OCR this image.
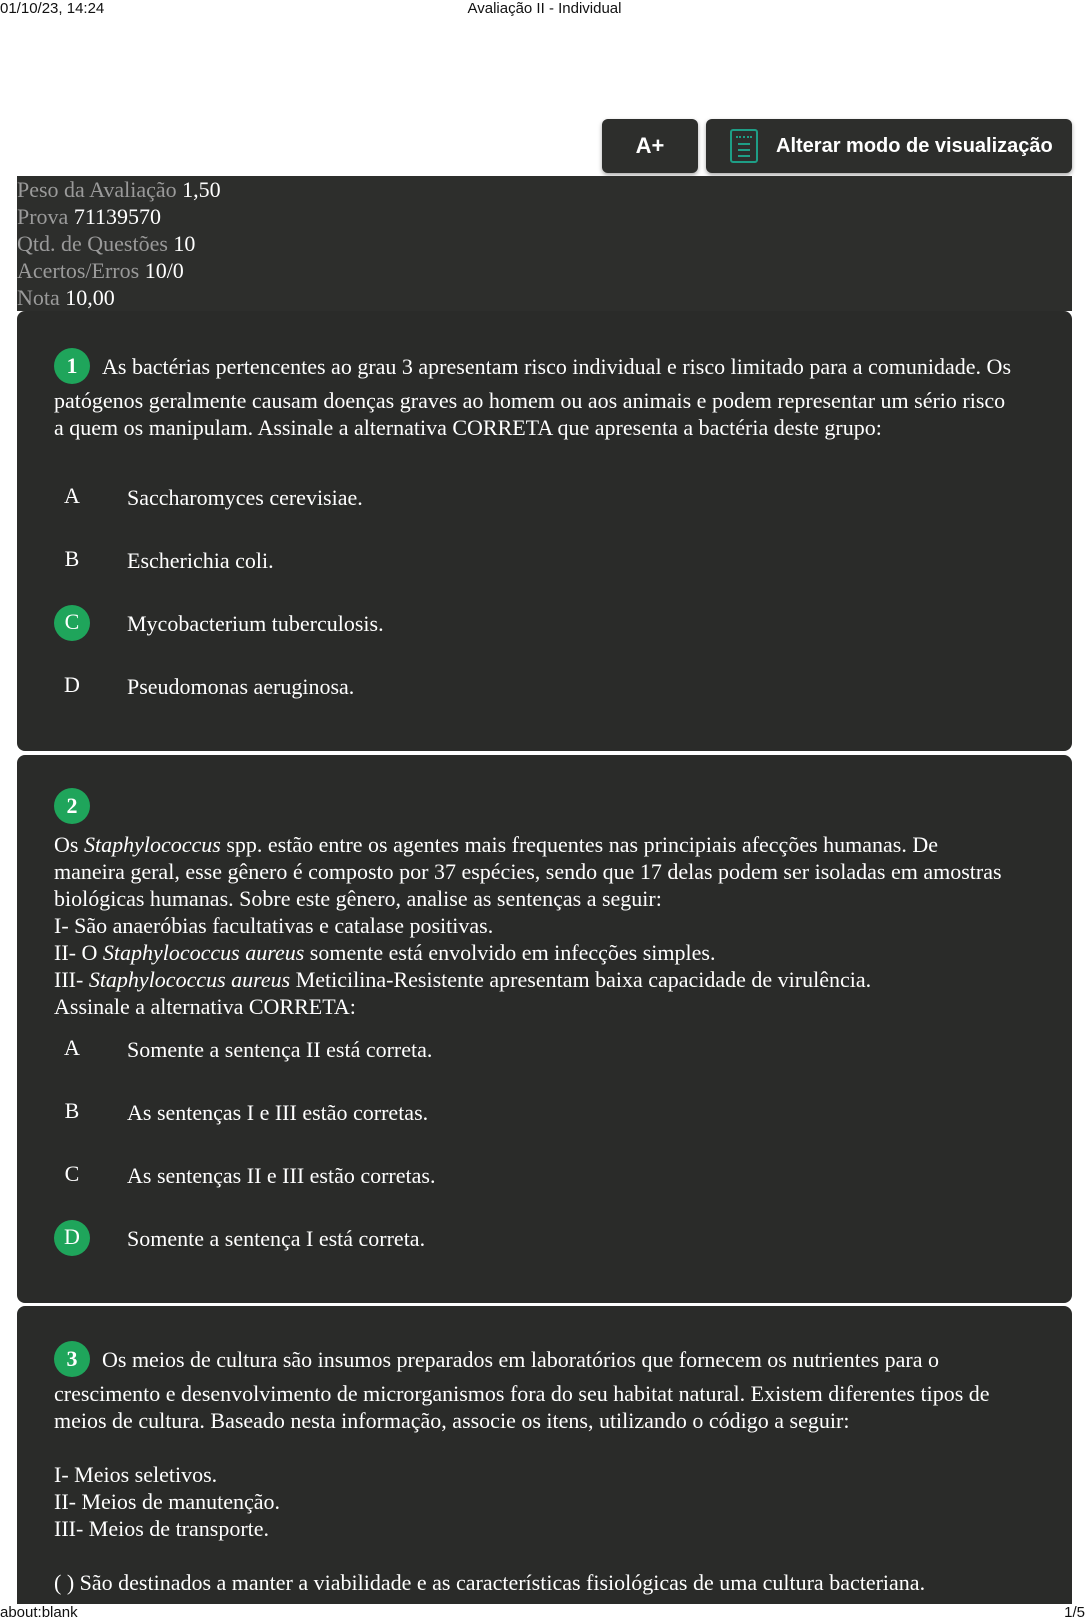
01/10/23, 14:24	Avaliação II - Individual
about:blank	1/5
A+	Alterar modo de visualização
Peso da Avaliação 1,50
Prova 71139570
Qtd. de Questões 10
Acertos/Erros 10/0
Nota 10,00
1 As bactérias pertencentes ao grau 3 apresentam risco individual e risco limitado para a comunidade. Os patógenos geralmente causam doenças graves ao homem ou aos animais e podem representar um sério risco a quem os manipulam. Assinale a alternativa CORRETA que apresenta a bactéria deste grupo:
A	Saccharomyces cerevisiae.
B	Escherichia coli.
C	Mycobacterium tuberculosis.
D	Pseudomonas aeruginosa.
2
Os Staphylococcus spp. estão entre os agentes mais frequentes nas principiais afecções humanas. De maneira geral, esse gênero é composto por 37 espécies, sendo que 17 delas podem ser isoladas em amostras biológicas humanas. Sobre este gênero, analise as sentenças a seguir:
I- São anaeróbias facultativas e catalase positivas.
II- O Staphylococcus aureus somente está envolvido em infecções simples.
III- Staphylococcus aureus Meticilina-Resistente apresentam baixa capacidade de virulência.
Assinale a alternativa CORRETA:
A	Somente a sentença II está correta.
B	As sentenças I e III estão corretas.
C	As sentenças II e III estão corretas.
D	Somente a sentença I está correta.
3 Os meios de cultura são insumos preparados em laboratórios que fornecem os nutrientes para o crescimento e desenvolvimento de microrganismos fora do seu habitat natural. Existem diferentes tipos de meios de cultura. Baseado nesta informação, associe os itens, utilizando o código a seguir:
I- Meios seletivos.
II- Meios de manutenção.
III- Meios de transporte.
( ) São destinados a manter a viabilidade e as características fisiológicas de uma cultura bacteriana.
